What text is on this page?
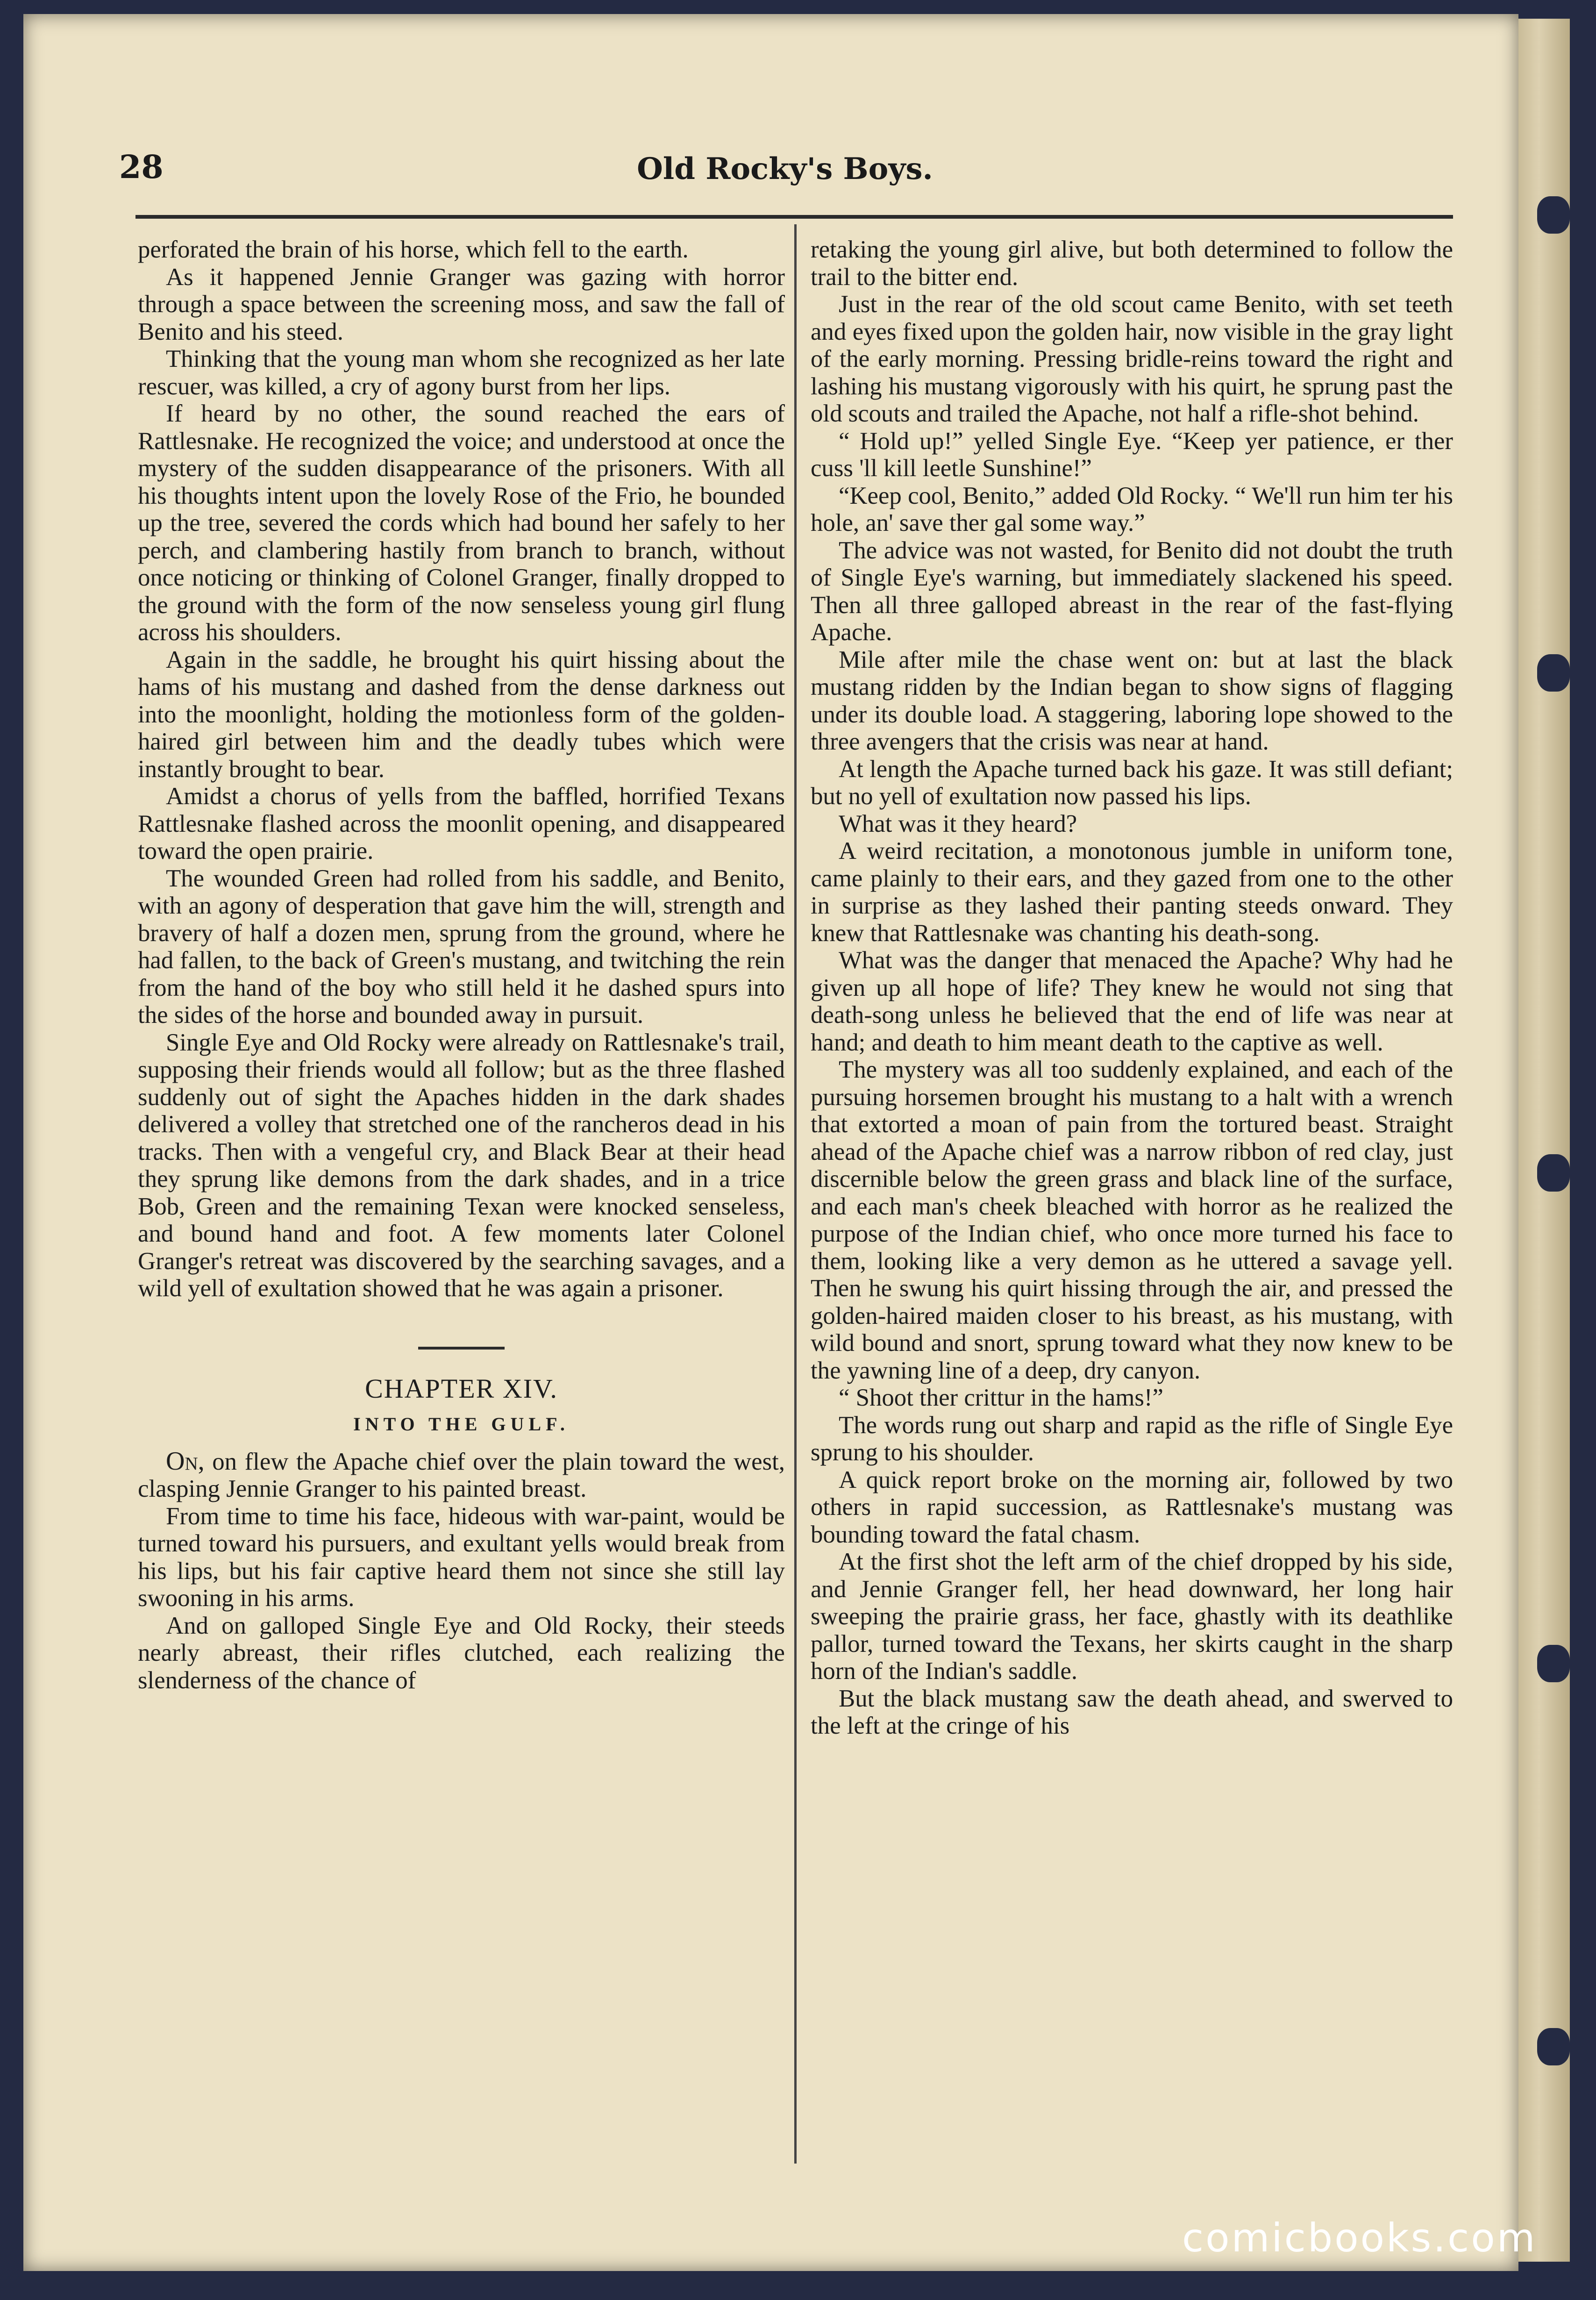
28	Old Rocky's Boys.

perforated the brain of his horse, which fell to the earth.

As it happened Jennie Granger was gazing with horror through a space between the screening moss, and saw the fall of Benito and his steed.

Thinking that the young man whom she recognized as her late rescuer, was killed, a cry of agony burst from her lips.

If heard by no other, the sound reached the ears of Rattlesnake. He recognized the voice; and understood at once the mystery of the sudden disappearance of the prisoners. With all his thoughts intent upon the lovely Rose of the Frio, he bounded up the tree, severed the cords which had bound her safely to her perch, and clambering hastily from branch to branch, without once noticing or thinking of Colonel Granger, finally dropped to the ground with the form of the now senseless young girl flung across his shoulders.

Again in the saddle, he brought his quirt hissing about the hams of his mustang and dashed from the dense darkness out into the moonlight, holding the motionless form of the golden-haired girl between him and the deadly tubes which were instantly brought to bear.

Amidst a chorus of yells from the baffled, horrified Texans Rattlesnake flashed across the moonlit opening, and disappeared toward the open prairie.

The wounded Green had rolled from his saddle, and Benito, with an agony of desperation that gave him the will, strength and bravery of half a dozen men, sprung from the ground, where he had fallen, to the back of Green's mustang, and twitching the rein from the hand of the boy who still held it he dashed spurs into the sides of the horse and bounded away in pursuit.

Single Eye and Old Rocky were already on Rattlesnake's trail, supposing their friends would all follow; but as the three flashed suddenly out of sight the Apaches hidden in the dark shades delivered a volley that stretched one of the rancheros dead in his tracks. Then with a vengeful cry, and Black Bear at their head they sprung like demons from the dark shades, and in a trice Bob, Green and the remaining Texan were knocked senseless, and bound hand and foot. A few moments later Colonel Granger's retreat was discovered by the searching savages, and a wild yell of exultation showed that he was again a prisoner.

CHAPTER XIV.
INTO THE GULF.

On, on flew the Apache chief over the plain toward the west, clasping Jennie Granger to his painted breast.

From time to time his face, hideous with war-paint, would be turned toward his pursuers, and exultant yells would break from his lips, but his fair captive heard them not since she still lay swooning in his arms.

And on galloped Single Eye and Old Rocky, their steeds nearly abreast, their rifles clutched, each realizing the slenderness of the chance of

retaking the young girl alive, but both determined to follow the trail to the bitter end.

Just in the rear of the old scout came Benito, with set teeth and eyes fixed upon the golden hair, now visible in the gray light of the early morning. Pressing bridle-reins toward the right and lashing his mustang vigorously with his quirt, he sprung past the old scouts and trailed the Apache, not half a rifle-shot behind.

“ Hold up!” yelled Single Eye. “Keep yer patience, er ther cuss 'll kill leetle Sunshine!”

“Keep cool, Benito,” added Old Rocky. “ We'll run him ter his hole, an' save ther gal some way.”

The advice was not wasted, for Benito did not doubt the truth of Single Eye's warning, but immediately slackened his speed. Then all three galloped abreast in the rear of the fast-flying Apache.

Mile after mile the chase went on: but at last the black mustang ridden by the Indian began to show signs of flagging under its double load. A staggering, laboring lope showed to the three avengers that the crisis was near at hand.

At length the Apache turned back his gaze. It was still defiant; but no yell of exultation now passed his lips.

What was it they heard?

A weird recitation, a monotonous jumble in uniform tone, came plainly to their ears, and they gazed from one to the other in surprise as they lashed their panting steeds onward. They knew that Rattlesnake was chanting his death-song.

What was the danger that menaced the Apache? Why had he given up all hope of life? They knew he would not sing that death-song unless he believed that the end of life was near at hand; and death to him meant death to the captive as well.

The mystery was all too suddenly explained, and each of the pursuing horsemen brought his mustang to a halt with a wrench that extorted a moan of pain from the tortured beast. Straight ahead of the Apache chief was a narrow ribbon of red clay, just discernible below the green grass and black line of the surface, and each man's cheek bleached with horror as he realized the purpose of the Indian chief, who once more turned his face to them, looking like a very demon as he uttered a savage yell. Then he swung his quirt hissing through the air, and pressed the golden-haired maiden closer to his breast, as his mustang, with wild bound and snort, sprung toward what they now knew to be the yawning line of a deep, dry canyon.

“ Shoot ther crittur in the hams!”

The words rung out sharp and rapid as the rifle of Single Eye sprung to his shoulder.

A quick report broke on the morning air, followed by two others in rapid succession, as Rattlesnake's mustang was bounding toward the fatal chasm.

At the first shot the left arm of the chief dropped by his side, and Jennie Granger fell, her head downward, her long hair sweeping the prairie grass, her face, ghastly with its deathlike pallor, turned toward the Texans, her skirts caught in the sharp horn of the Indian's saddle.

But the black mustang saw the death ahead, and swerved to the left at the cringe of his

comicbooks.com
